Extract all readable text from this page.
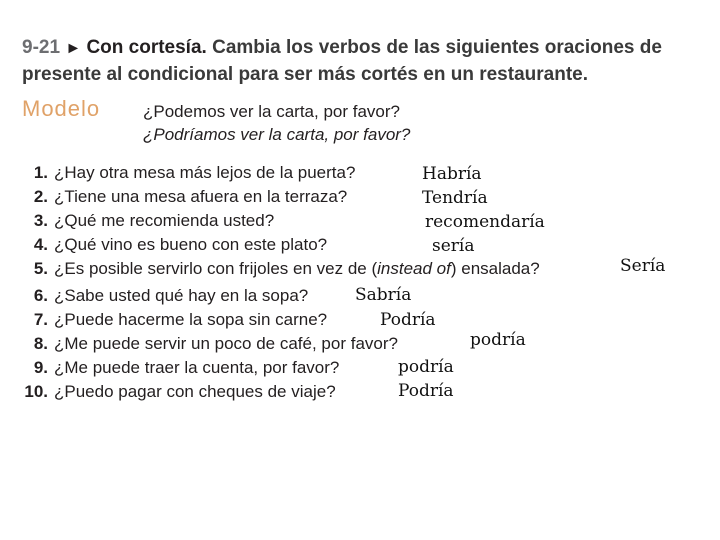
9-21 ► Con cortesía. Cambia los verbos de las siguientes oraciones de
presente al condicional para ser más cortés en un restaurante.
Modelo	¿Podemos ver la carta, por favor?
¿Podríamos ver la carta, por favor?
1. ¿Hay otra mesa más lejos de la puerta?
2. ¿Tiene una mesa afuera en la terraza?
3. ¿Qué me recomienda usted?
4. ¿Qué vino es bueno con este plato?
5. ¿Es posible servirlo con frijoles en vez de (instead of) ensalada?
6. ¿Sabe usted qué hay en la sopa?
7. ¿Puede hacerme la sopa sin carne?
8. ¿Me puede servir un poco de café, por favor?
9. ¿Me puede traer la cuenta, por favor?
10. ¿Puedo pagar con cheques de viaje?
Habría
Tendría
recomendaría
sería
Sería
Sabría
Podría
podría
podría
Podría
